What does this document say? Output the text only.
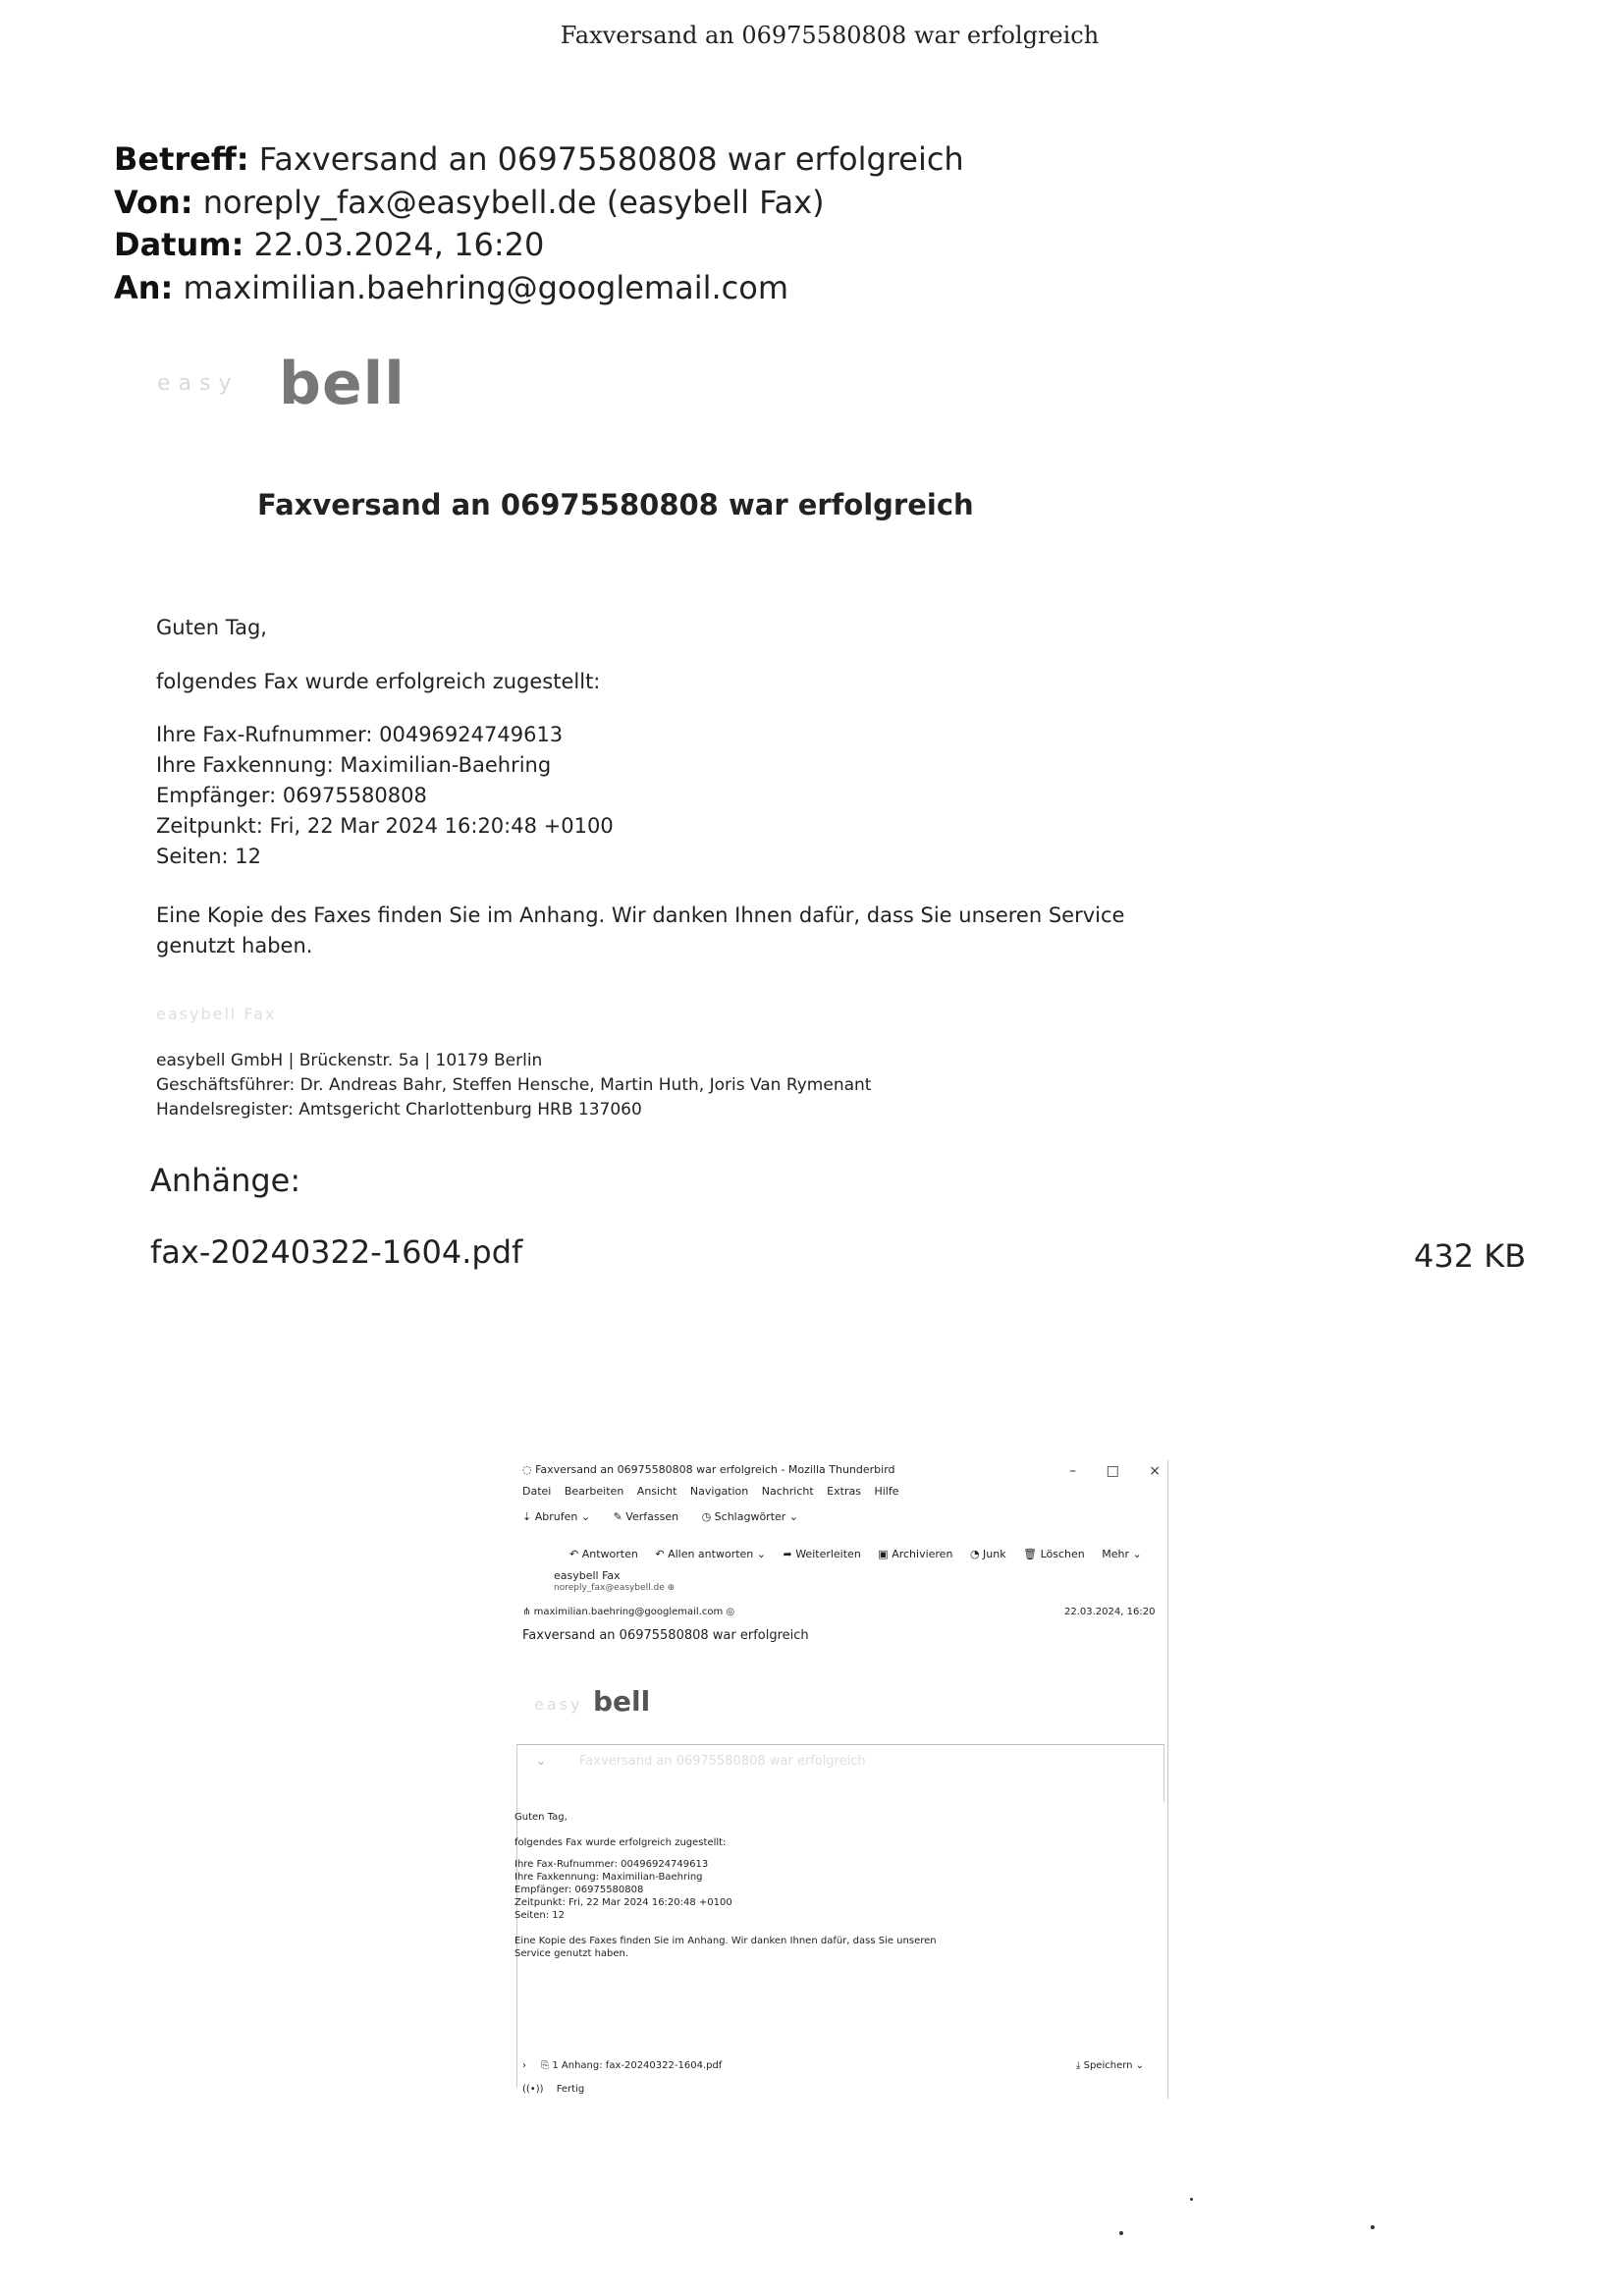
Faxversand an 06975580808 war erfolgreich
Betreff: Faxversand an 06975580808 war erfolgreich
Von: noreply_fax@easybell.de (easybell Fax)
Datum: 22.03.2024, 16:20
An: maximilian.baehring@googlemail.com
easy bell
Faxversand an 06975580808 war erfolgreich
Guten Tag,
folgendes Fax wurde erfolgreich zugestellt:
Ihre Fax-Rufnummer: 00496924749613
Ihre Faxkennung: Maximilian-Baehring
Empfänger: 06975580808
Zeitpunkt: Fri, 22 Mar 2024 16:20:48 +0100
Seiten: 12
Eine Kopie des Faxes finden Sie im Anhang. Wir danken Ihnen dafür, dass Sie unseren Service genutzt haben.
easybell Fax
easybell GmbH | Brückenstr. 5a | 10179 Berlin
Geschäftsführer: Dr. Andreas Bahr, Steffen Hensche, Martin Huth, Joris Van Rymenant
Handelsregister: Amtsgericht Charlottenburg HRB 137060
Anhänge:
fax-20240322-1604.pdf	432 KB
◌ Faxversand an 06975580808 war erfolgreich - Mozilla Thunderbird	– □ ×
Datei Bearbeiten Ansicht Navigation Nachricht Extras Hilfe
⇣ Abrufen ⌄ ✎ Verfassen ◷ Schlagwörter ⌄
↶ Antworten ↶ Allen antworten ⌄ ➦ Weiterleiten ▣ Archivieren ◔ Junk 🗑 Löschen Mehr ⌄
easybell Fax
noreply_fax@easybell.de ⊕
⋔ maximilian.baehring@googlemail.com ◎	22.03.2024, 16:20
Faxversand an 06975580808 war erfolgreich
easy bell
⌄	Faxversand an 06975580808 war erfolgreich
Guten Tag,
folgendes Fax wurde erfolgreich zugestellt:
Ihre Fax-Rufnummer: 00496924749613
Ihre Faxkennung: Maximilian-Baehring
Empfänger: 06975580808
Zeitpunkt: Fri, 22 Mar 2024 16:20:48 +0100
Seiten: 12
Eine Kopie des Faxes finden Sie im Anhang. Wir danken Ihnen dafür, dass Sie unseren
Service genutzt haben.
› ⎘ 1 Anhang: fax-20240322-1604.pdf	⤓ Speichern ⌄
((•)) Fertig
